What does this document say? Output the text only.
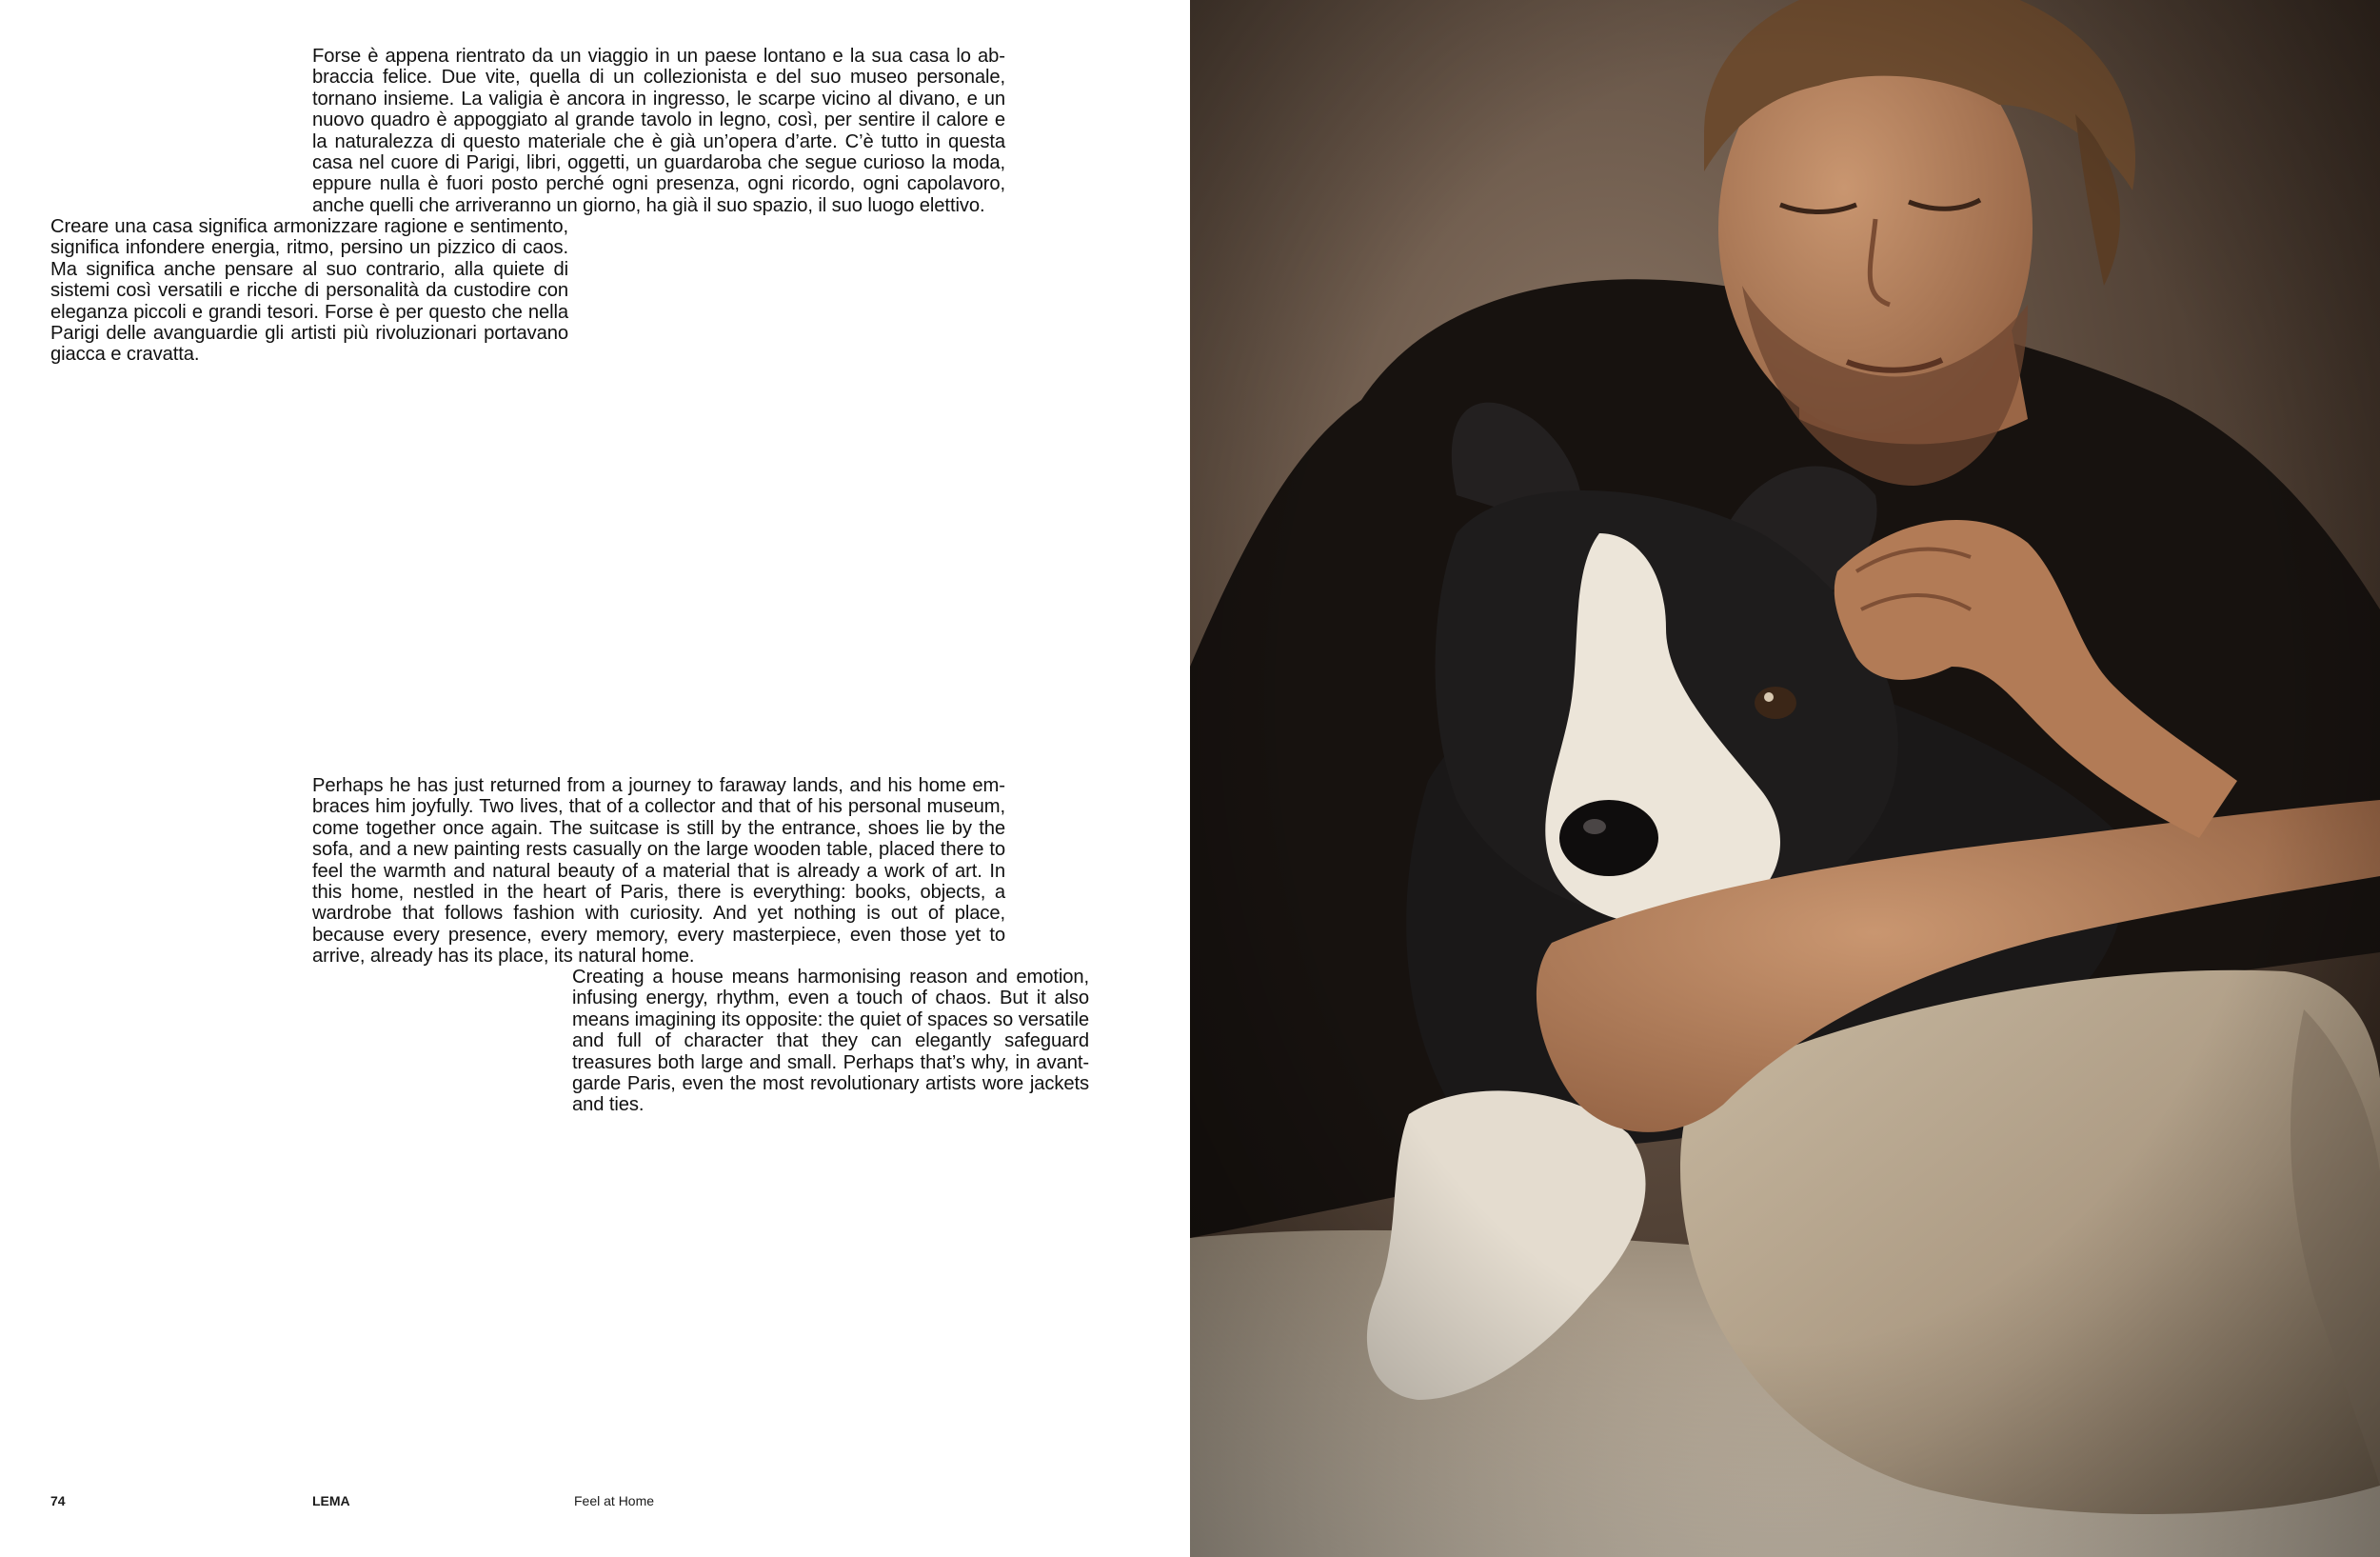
Forse è appena rientrato da un viaggio in un paese lontano e la sua casa lo abbraccia felice. Due vite, quella di un collezionista e del suo museo personale, tornano insieme. La valigia è ancora in ingresso, le scarpe vicino al divano, e un nuovo quadro è appoggiato al grande tavolo in legno, così, per sentire il calore e la naturalezza di questo materiale che è già un’opera d’arte. C’è tutto in questa casa nel cuore di Parigi, libri, oggetti, un guardaroba che segue curioso la moda, eppure nulla è fuori posto perché ogni presenza, ogni ricordo, ogni capolavoro, anche quelli che arriveranno un giorno, ha già il suo spazio, il suo luogo elettivo.

Creare una casa significa armonizzare ragione e sentimento, significa infondere energia, ritmo, persino un pizzico di caos. Ma significa anche pensare al suo contrario, alla quiete di sistemi così versatili e ricche di personalità da custodire con eleganza piccoli e grandi tesori. Forse è per questo che nella Parigi delle avanguardie gli artisti più rivoluzionari portavano giacca e cravatta.

Perhaps he has just returned from a journey to faraway lands, and his home embraces him joyfully. Two lives, that of a collector and that of his personal museum, come together once again. The suitcase is still by the entrance, shoes lie by the sofa, and a new painting rests casually on the large wooden table, placed there to feel the warmth and natural beauty of a material that is already a work of art. In this home, nestled in the heart of Paris, there is everything: books, objects, a wardrobe that follows fashion with curiosity. And yet nothing is out of place, because every presence, every memory, every masterpiece, even those yet to arrive, already has its place, its natural home.

Creating a house means harmonising reason and emotion, infusing energy, rhythm, even a touch of chaos. But it also means imagining its opposite: the quiet of spaces so versatile and full of character that they can elegantly safeguard treasures both large and small. Perhaps that’s why, in avant-garde Paris, even the most revolutionary artists wore jackets and ties.

74	LEMA	Feel at Home
